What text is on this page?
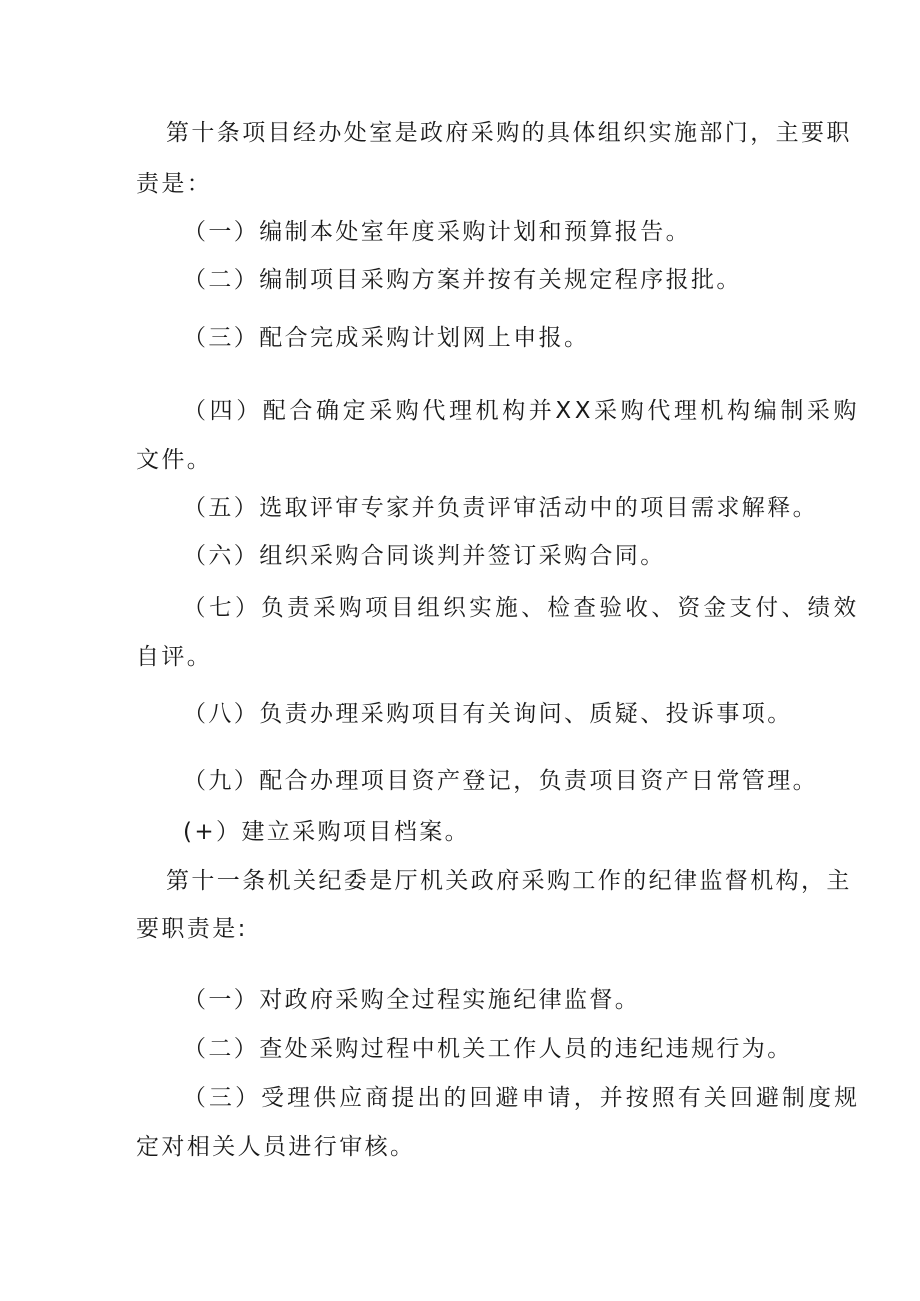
第十条项目经办处室是政府采购的具体组织实施部门，主要职
责是：
（一）编制本处室年度采购计划和预算报告。
（二）编制项目采购方案并按有关规定程序报批。
（三）配合完成采购计划网上申报。
（四）配合确定采购代理机构并XX采购代理机构编制采购
文件。
（五）选取评审专家并负责评审活动中的项目需求解释。
（六）组织采购合同谈判并签订采购合同。
（七）负责采购项目组织实施、检查验收、资金支付、绩效
自评。
（八）负责办理采购项目有关询问、质疑、投诉事项。
（九）配合办理项目资产登记，负责项目资产日常管理。
(+）建立采购项目档案。
第十一条机关纪委是厅机关政府采购工作的纪律监督机构，主
要职责是:
（一）对政府采购全过程实施纪律监督。
（二）查处采购过程中机关工作人员的违纪违规行为。
（三）受理供应商提出的回避申请，并按照有关回避制度规
定对相关人员进行审核。
